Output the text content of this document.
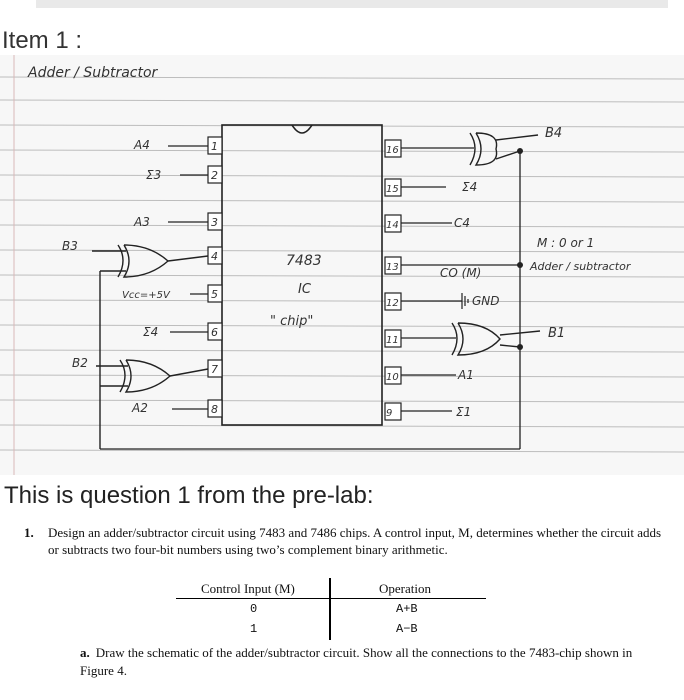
Item 1 :
Adder / Subtractor
7483
IC
" chip"
1
2
3
4
5
6
7
8
16
15
14
13
12
11
10
9
A4
Σ3
A3
Vcc=+5V
Σ4
A2
B3
B2
B4
B1
Σ4
C4
CO (M)
GND
A1
Σ1
M : 0 or 1
Adder / subtractor
This is question 1 from the pre-lab:
1. Design an adder/subtractor circuit using 7483 and 7486 chips. A control input, M, determines whether the circuit adds or subtracts two four-bit numbers using two’s complement binary arithmetic.
Control Input (M)	Operation
0	A+B
1	A−B
a. Draw the schematic of the adder/subtractor circuit. Show all the connections to the 7483-chip shown in Figure 4.
